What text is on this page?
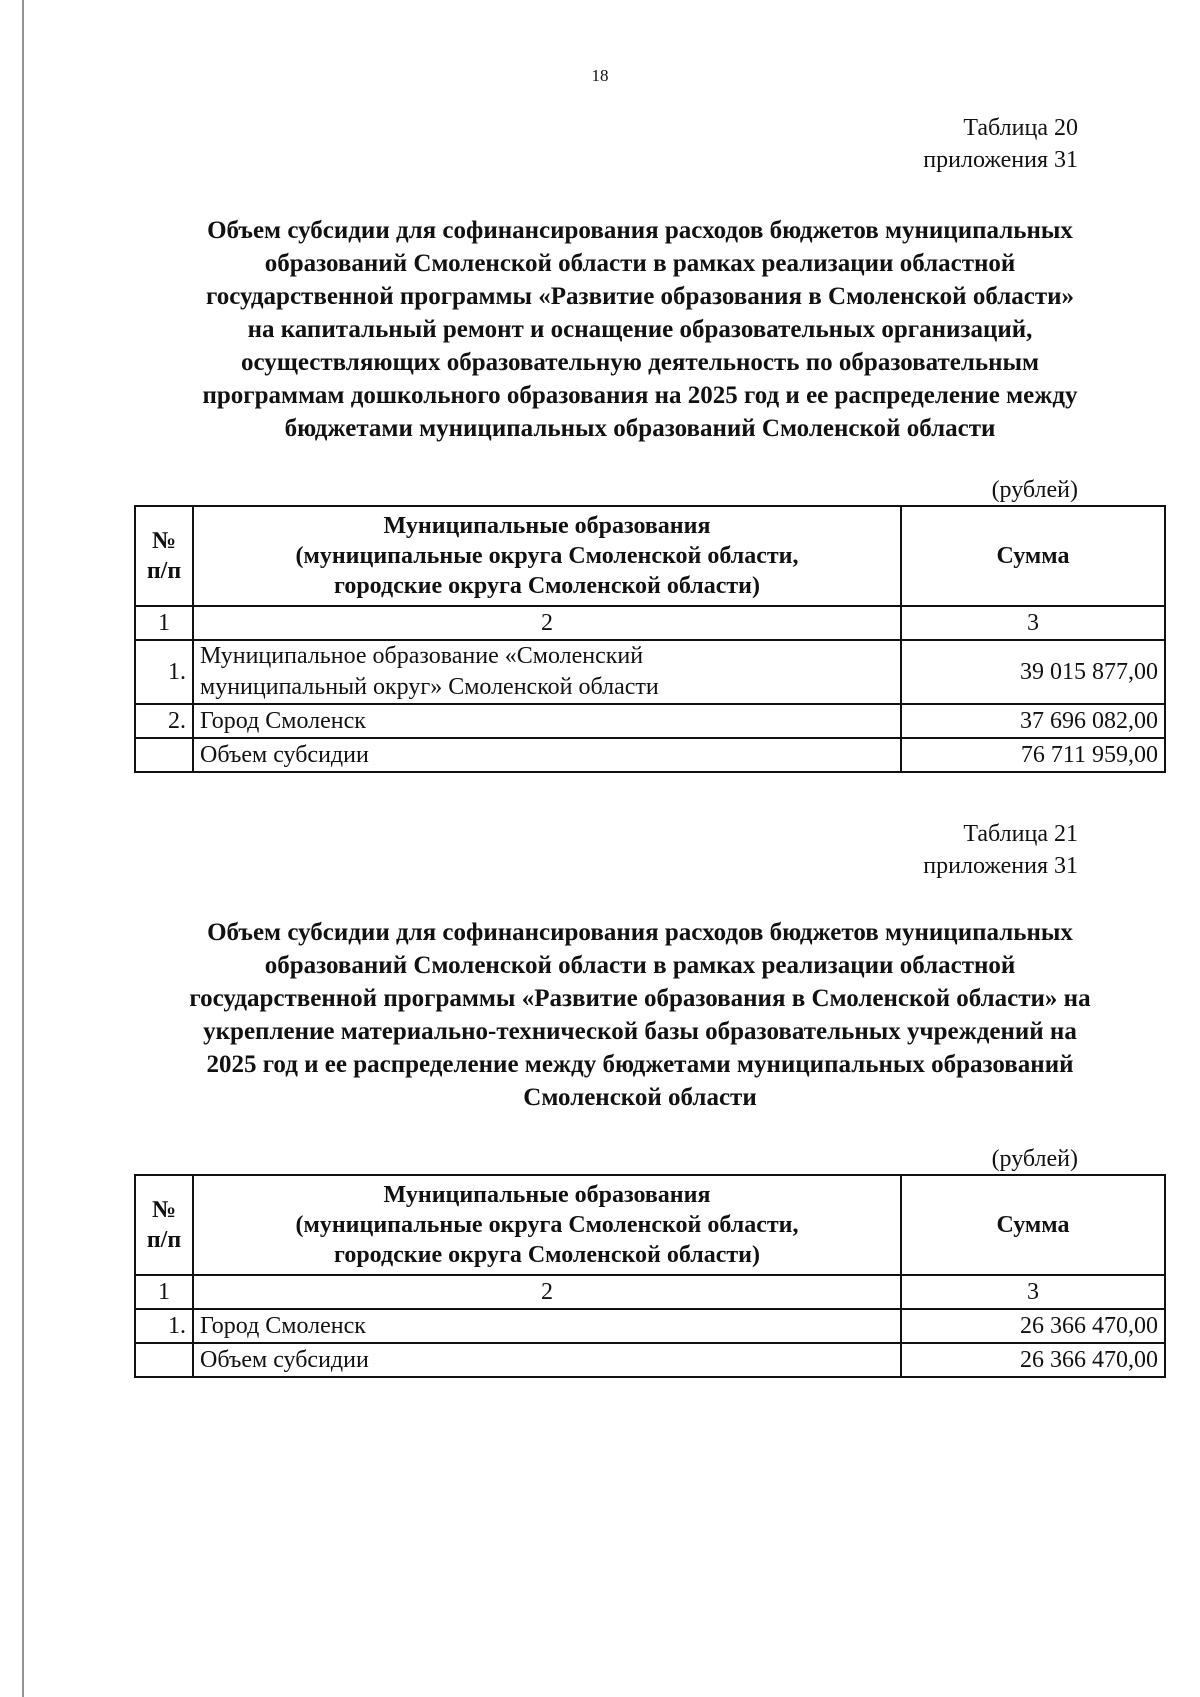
18
Таблица 20
приложения 31
Объем субсидии для софинансирования расходов бюджетов муниципальных
образований Смоленской области в рамках реализации областной
государственной программы «Развитие образования в Смоленской области»
на капитальный ремонт и оснащение образовательных организаций,
осуществляющих образовательную деятельность по образовательным
программам дошкольного образования на 2025 год и ее распределение между
бюджетами муниципальных образований Смоленской области
(рублей)
№ п/п	Муниципальные образования
(муниципальные округа Смоленской области,
городские округа Смоленской области)	Сумма
1	2	3
1.	Муниципальное образование «Смоленский
муниципальный округ» Смоленской области	39 015 877,00
2.	Город Смоленск	37 696 082,00
	Объем субсидии	76 711 959,00
Таблица 21
приложения 31
Объем субсидии для софинансирования расходов бюджетов муниципальных
образований Смоленской области в рамках реализации областной
государственной программы «Развитие образования в Смоленской области» на
укрепление материально-технической базы образовательных учреждений на
2025 год и ее распределение между бюджетами муниципальных образований
Смоленской области
(рублей)
№ п/п	Муниципальные образования
(муниципальные округа Смоленской области,
городские округа Смоленской области)	Сумма
1	2	3
1.	Город Смоленск	26 366 470,00
	Объем субсидии	26 366 470,00
